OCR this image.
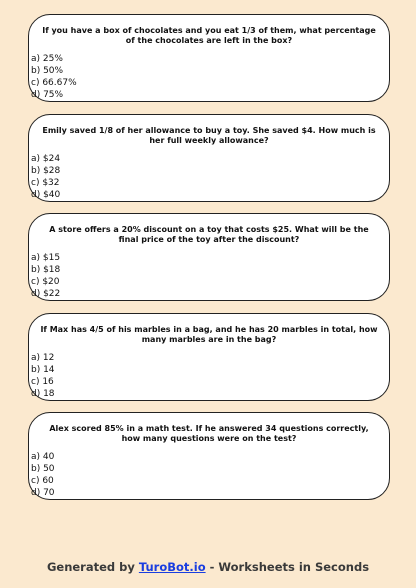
If you have a box of chocolates and you eat 1/3 of them, what percentage of the chocolates are left in the box?
a) 25%
b) 50%
c) 66.67%
d) 75%
Emily saved 1/8 of her allowance to buy a toy. She saved $4. How much is her full weekly allowance?
a) $24
b) $28
c) $32
d) $40
A store offers a 20% discount on a toy that costs $25. What will be the final price of the toy after the discount?
a) $15
b) $18
c) $20
d) $22
If Max has 4/5 of his marbles in a bag, and he has 20 marbles in total, how many marbles are in the bag?
a) 12
b) 14
c) 16
d) 18
Alex scored 85% in a math test. If he answered 34 questions correctly, how many questions were on the test?
a) 40
b) 50
c) 60
d) 70
Generated by TuroBot.io - Worksheets in Seconds
